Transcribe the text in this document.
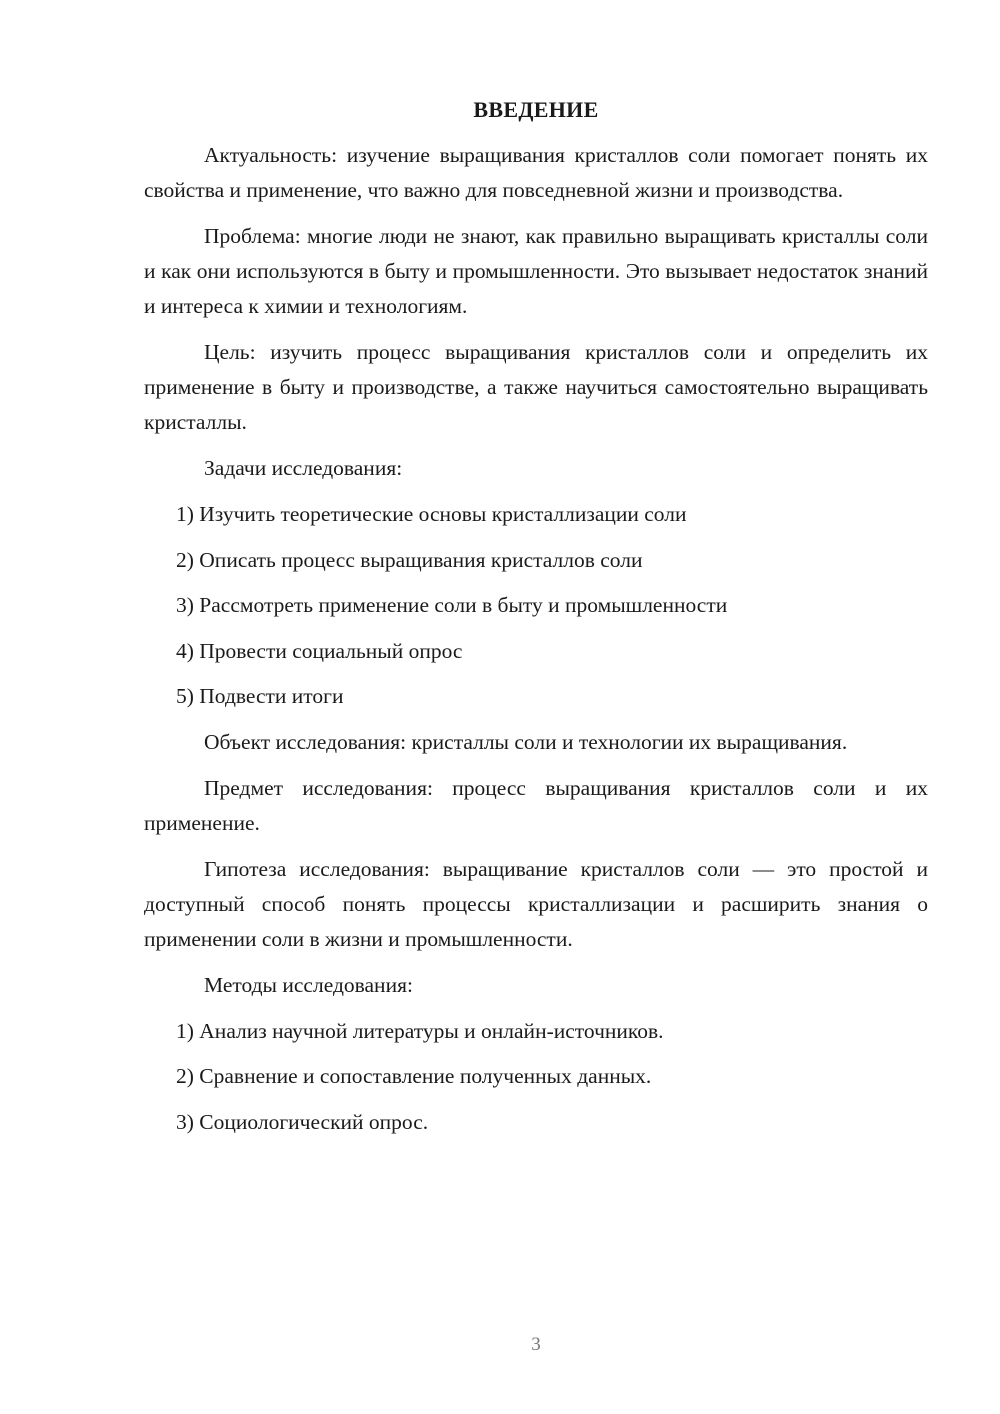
ВВЕДЕНИЕ

Актуальность: изучение выращивания кристаллов соли помогает понять их свойства и применение, что важно для повседневной жизни и производства.

Проблема: многие люди не знают, как правильно выращивать кристаллы соли и как они используются в быту и промышленности. Это вызывает недостаток знаний и интереса к химии и технологиям.

Цель: изучить процесс выращивания кристаллов соли и определить их применение в быту и производстве, а также научиться самостоятельно выращивать кристаллы.

Задачи исследования:

1) Изучить теоретические основы кристаллизации соли
2) Описать процесс выращивания кристаллов соли
3) Рассмотреть применение соли в быту и промышленности
4) Провести социальный опрос
5) Подвести итоги

Объект исследования: кристаллы соли и технологии их выращивания.

Предмет исследования: процесс выращивания кристаллов соли и их применение.

Гипотеза исследования: выращивание кристаллов соли — это простой и доступный способ понять процессы кристаллизации и расширить знания о применении соли в жизни и промышленности.

Методы исследования:

1) Анализ научной литературы и онлайн-источников.
2) Сравнение и сопоставление полученных данных.
3) Социологический опрос.
3
